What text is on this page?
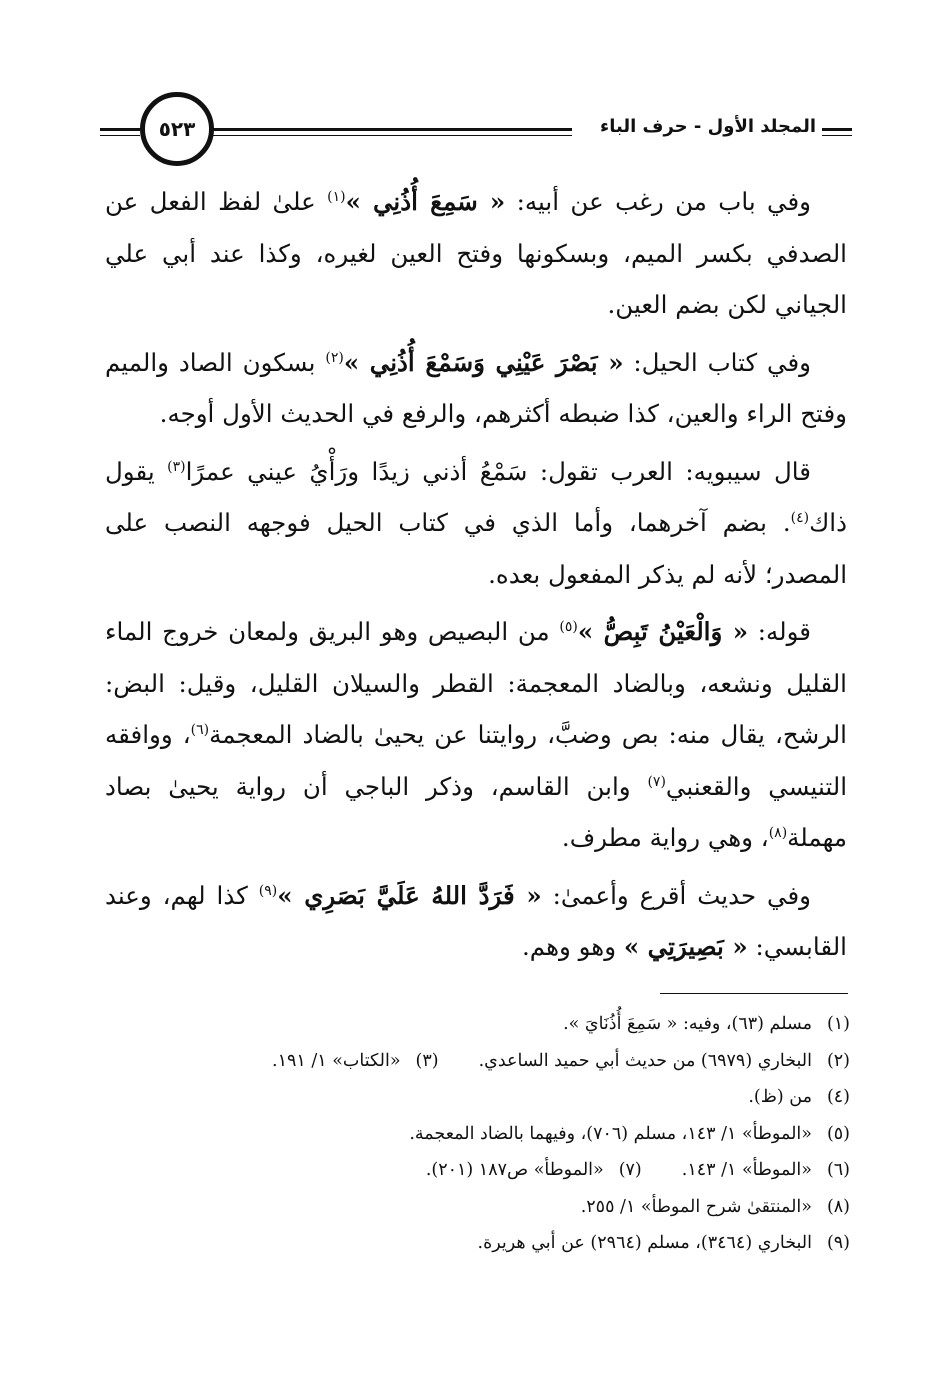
٥٢٣	المجلد الأول - حرف الباء

وفي باب من رغب عن أبيه: « سَمِعَ أُذُنِي »$^{(١)}$ علىٰ لفظ الفعل عن الصدفي بكسر الميم، وبسكونها وفتح العين لغيره، وكذا عند أبي علي الجياني لكن بضم العين.

وفي كتاب الحيل: « بَصْرَ عَيْنِي وَسَمْعَ أُذُنِي »$^{(٢)}$ بسكون الصاد والميم وفتح الراء والعين، كذا ضبطه أكثرهم، والرفع في الحديث الأول أوجه.

قال سيبويه: العرب تقول: سَمْعُ أذني زيدًا ورَأْيُ عيني عمرًا$^{(٣)}$ يقول ذاك$^{(٤)}$. بضم آخرهما، وأما الذي في كتاب الحيل فوجهه النصب على المصدر؛ لأنه لم يذكر المفعول بعده.

قوله: « وَالْعَيْنُ تَبِصُّ »$^{(٥)}$ من البصيص وهو البريق ولمعان خروج الماء القليل ونشعه، وبالضاد المعجمة: القطر والسيلان القليل، وقيل: البض: الرشح، يقال منه: بص وضبَّ، روايتنا عن يحيىٰ بالضاد المعجمة$^{(٦)}$، ووافقه التنيسي والقعنبي$^{(٧)}$ وابن القاسم، وذكر الباجي أن رواية يحيىٰ بصاد مهملة$^{(٨)}$، وهي رواية مطرف.

وفي حديث أقرع وأعمىٰ: « فَرَدَّ اللهُ عَلَيَّ بَصَرِي »$^{(٩)}$ كذا لهم، وعند القابسي: « بَصِيرَتِي » وهو وهم.

(١)
مسلم (٦٣)، وفيه: « سَمِعَ أُذُنَايَ ».
(٢)
البخاري (٦٩٧٩) من حديث أبي حميد الساعدي.
(٣)
«الكتاب» ١/ ١٩١.
(٤)
من (ظ).
(٥)
«الموطأ» ١/ ١٤٣، مسلم (٧٠٦)، وفيهما بالضاد المعجمة.
(٦)
«الموطأ» ١/ ١٤٣.
(٧)
«الموطأ» ص١٨٧ (٢٠١).
(٨)
«المنتقىٰ شرح الموطأ» ١/ ٢٥٥.
(٩)
البخاري (٣٤٦٤)، مسلم (٢٩٦٤) عن أبي هريرة.
